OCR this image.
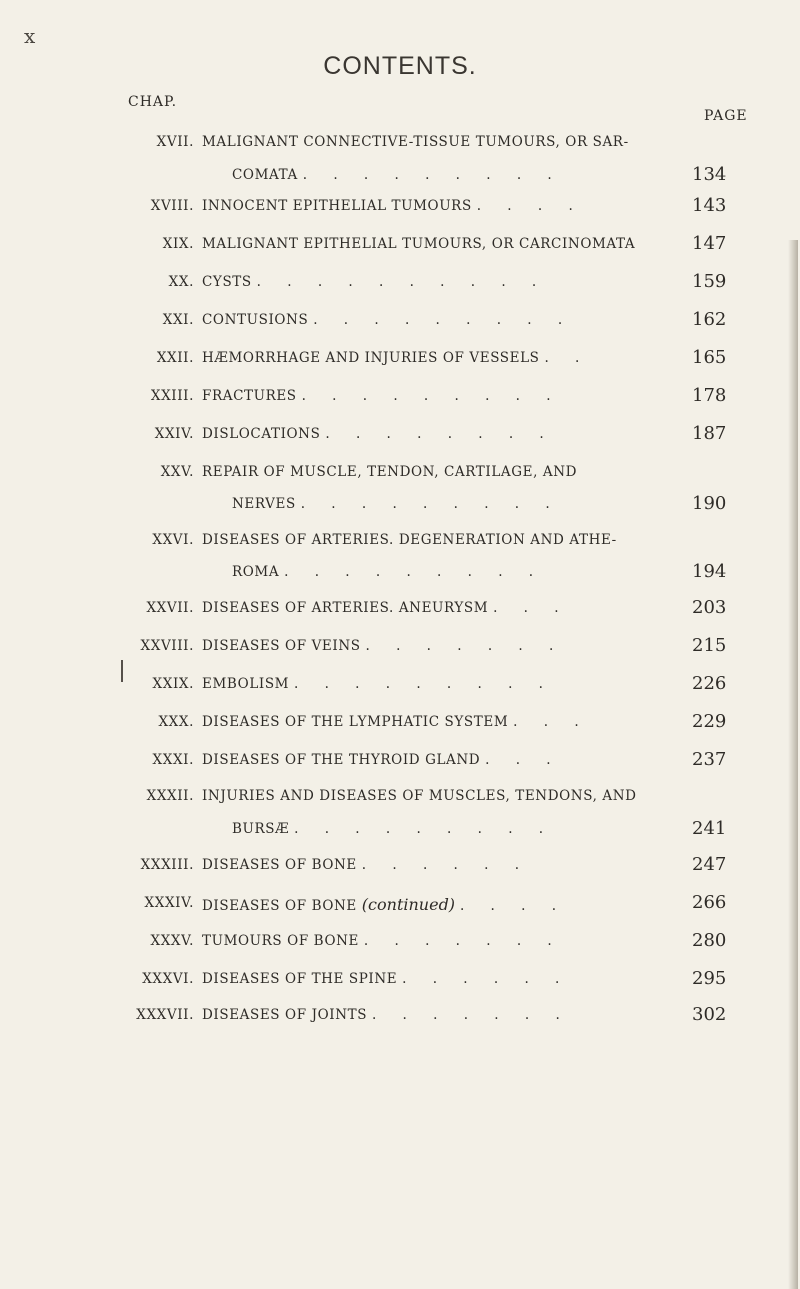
x
CONTENTS.
CHAP.
PAGE
XVII. MALIGNANT CONNECTIVE-TISSUE TUMOURS, OR SAR-
COMATA . . . . . . . . .	134
XVIII. INNOCENT EPITHELIAL TUMOURS . . . .	143
XIX. MALIGNANT EPITHELIAL TUMOURS, OR CARCINOMATA	147
XX. CYSTS . . . . . . . . . .	159
XXI. CONTUSIONS . . . . . . . . .	162
XXII. HÆMORRHAGE AND INJURIES OF VESSELS . .	165
XXIII. FRACTURES . . . . . . . . .	178
XXIV. DISLOCATIONS . . . . . . . .	187
XXV. REPAIR OF MUSCLE, TENDON, CARTILAGE, AND
NERVES . . . . . . . . .	190
XXVI. DISEASES OF ARTERIES. DEGENERATION AND ATHE-
ROMA . . . . . . . . .	194
XXVII. DISEASES OF ARTERIES. ANEURYSM . . .	203
XXVIII. DISEASES OF VEINS . . . . . . .	215
XXIX. EMBOLISM . . . . . . . . .	226
XXX. DISEASES OF THE LYMPHATIC SYSTEM . . .	229
XXXI. DISEASES OF THE THYROID GLAND . . .	237
XXXII. INJURIES AND DISEASES OF MUSCLES, TENDONS, AND
BURSÆ . . . . . . . . .	241
XXXIII. DISEASES OF BONE . . . . . .	247
XXXIV. DISEASES OF BONE (continued) . . . .	266
XXXV. TUMOURS OF BONE . . . . . . .	280
XXXVI. DISEASES OF THE SPINE . . . . . .	295
XXXVII. DISEASES OF JOINTS . . . . . . .	302
